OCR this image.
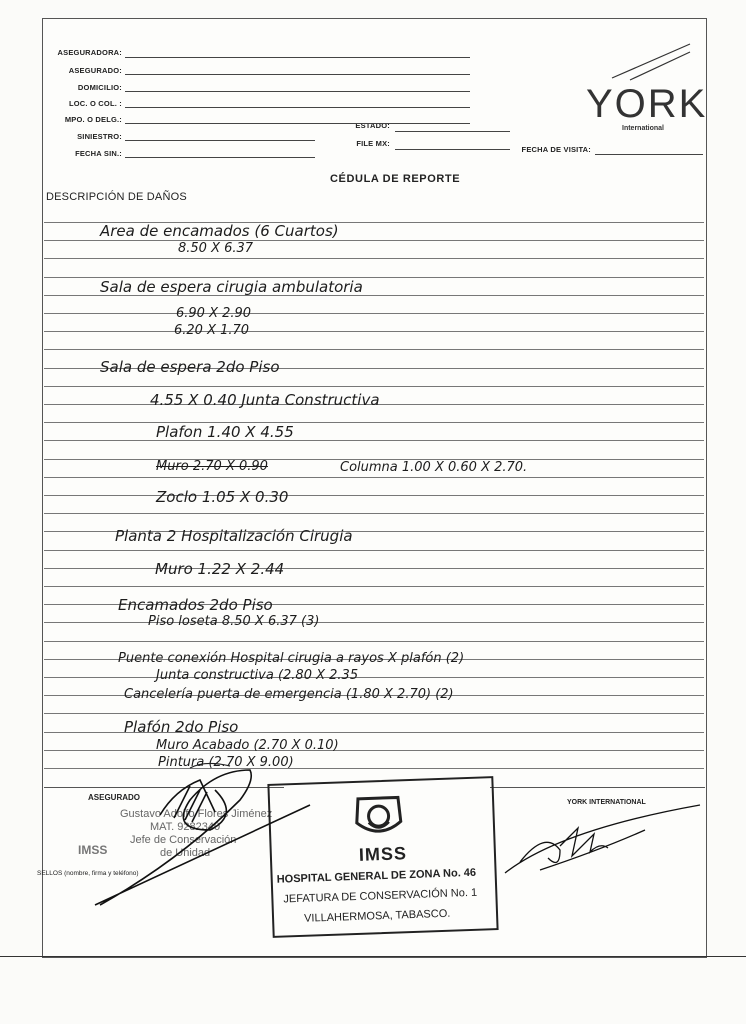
ASEGURADORA:
ASEGURADO:
DOMICILIO:
LOC. O COL. :
MPO. O DELG.:
SINIESTRO:
FECHA SIN.:
ESTADO:
FILE MX:
FECHA DE VISITA:
YORK
International
CÉDULA DE REPORTE
DESCRIPCIÓN DE DAÑOS
Area de encamados (6 Cuartos)
8.50 X 6.37
Sala de espera cirugia ambulatoria
6.90 X 2.90
6.20 X 1.70
Sala de espera 2do Piso
4.55 X 0.40 Junta Constructiva
Plafon 1.40 X 4.55
Muro 2.70 X 0.90	Columna 1.00 X 0.60 X 2.70.
Zoclo 1.05 X 0.30
Planta 2 Hospitalización Cirugia
Muro 1.22 X 2.44
Encamados 2do Piso
Piso loseta 8.50 X 6.37 (3)
Puente conexión Hospital cirugia a rayos X plafón (2)
Junta constructiva (2.80 X 2.35
Cancelería puerta de emergencia (1.80 X 2.70) (2)
Plafón 2do Piso
Muro Acabado (2.70 X 0.10)
Pintura (2.70 X 9.00)
ASEGURADO
YORK INTERNATIONAL
SELLOS (nombre, firma y teléfono)
Gustavo Adolfo Flores Jiménez
MAT. 9282340
Jefe de Conservación
de Unidad
IMSS	IMSS
HOSPITAL GENERAL DE ZONA No. 46
JEFATURA DE CONSERVACIÓN No. 1
VILLAHERMOSA, TABASCO.
